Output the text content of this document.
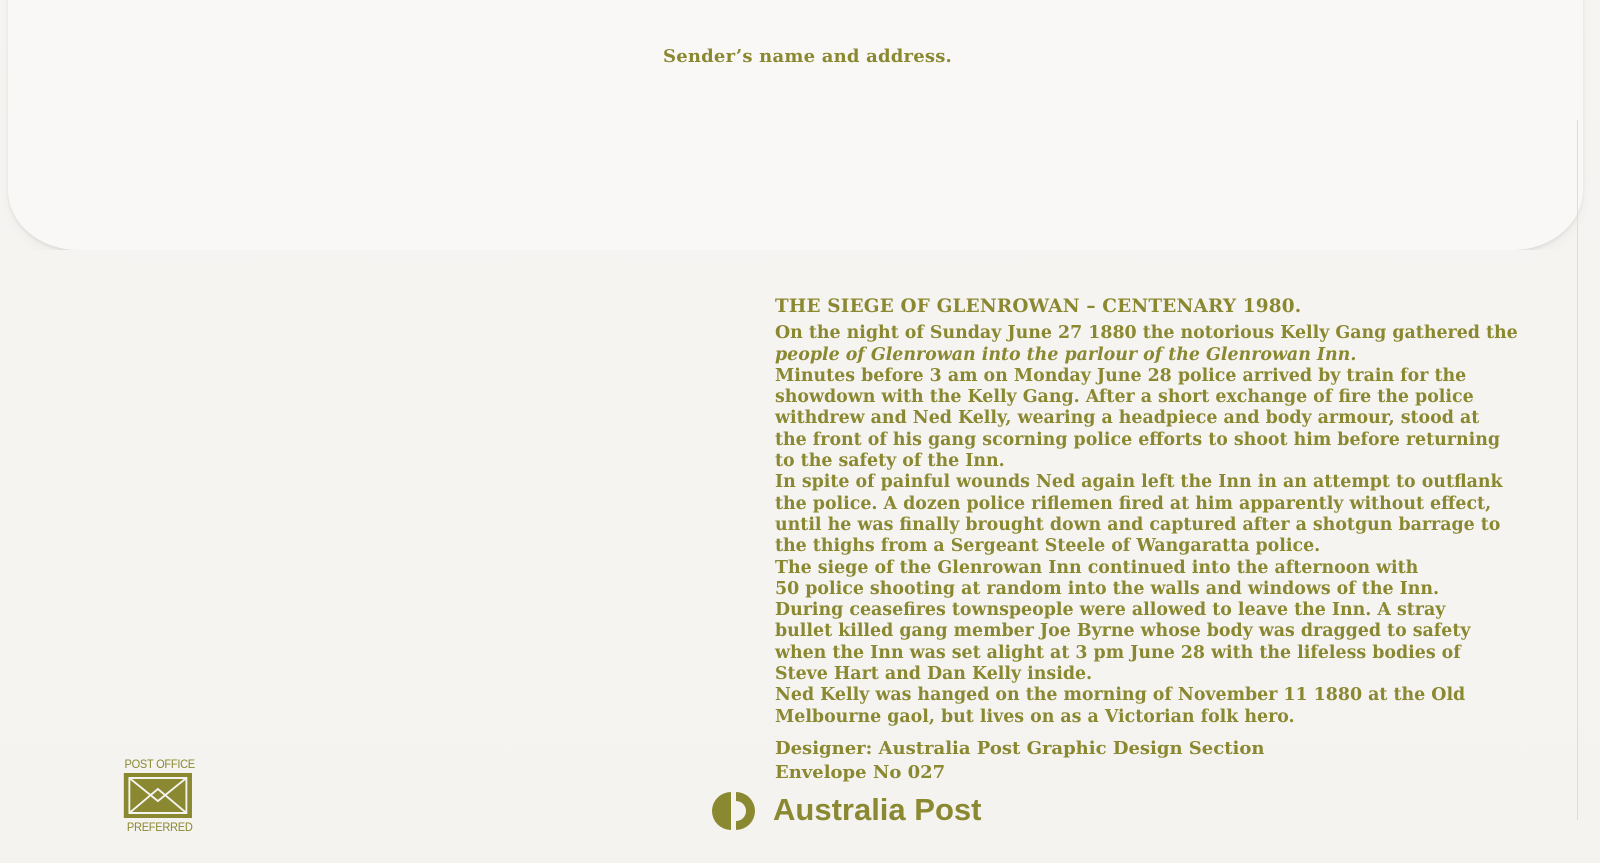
Sender’s name and address.
THE SIEGE OF GLENROWAN – CENTENARY 1980.
On the night of Sunday June 27 1880 the notorious Kelly Gang gathered the
people of Glenrowan into the parlour of the Glenrowan Inn.
Minutes before 3 am on Monday June 28 police arrived by train for the
showdown with the Kelly Gang. After a short exchange of fire the police
withdrew and Ned Kelly, wearing a headpiece and body armour, stood at
the front of his gang scorning police efforts to shoot him before returning
to the safety of the Inn.
In spite of painful wounds Ned again left the Inn in an attempt to outflank
the police. A dozen police riflemen fired at him apparently without effect,
until he was finally brought down and captured after a shotgun barrage to
the thighs from a Sergeant Steele of Wangaratta police.
The siege of the Glenrowan Inn continued into the afternoon with
50 police shooting at random into the walls and windows of the Inn.
During ceasefires townspeople were allowed to leave the Inn. A stray
bullet killed gang member Joe Byrne whose body was dragged to safety
when the Inn was set alight at 3 pm June 28 with the lifeless bodies of
Steve Hart and Dan Kelly inside.
Ned Kelly was hanged on the morning of November 11 1880 at the Old
Melbourne gaol, but lives on as a Victorian folk hero.
Designer: Australia Post Graphic Design Section
Envelope No 027
POST OFFICE
PREFERRED	Australia Post
